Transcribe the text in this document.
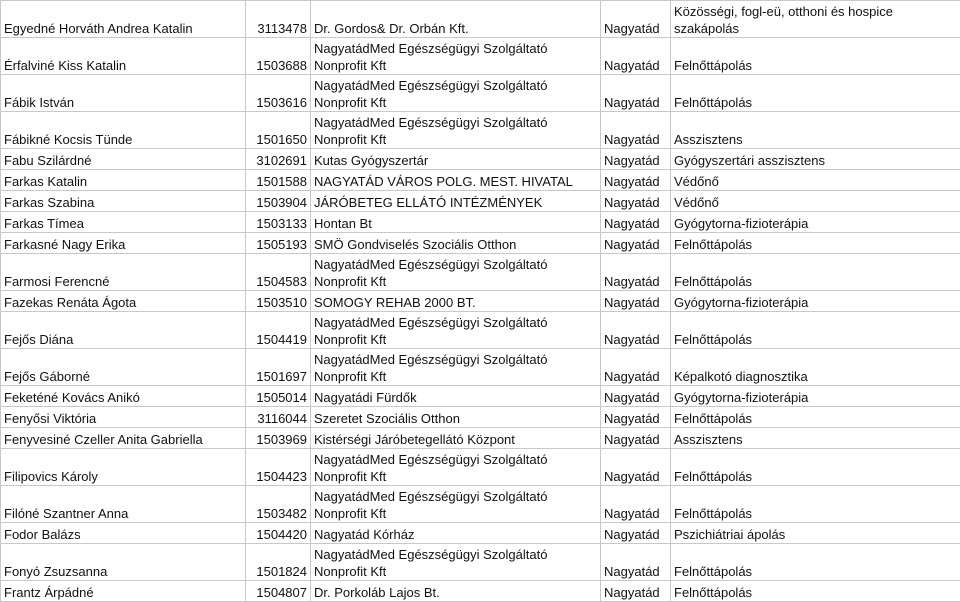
Egyedné Horváth Andrea Katalin	3113478	Dr. Gordos& Dr. Orbán Kft.	Nagyatád	Közösségi, fogl-eü, otthoni és hospice szakápolás
Érfalviné Kiss Katalin	1503688	NagyatádMed Egészségügyi Szolgáltató Nonprofit Kft	Nagyatád	Felnőttápolás
Fábik István	1503616	NagyatádMed Egészségügyi Szolgáltató Nonprofit Kft	Nagyatád	Felnőttápolás
Fábikné Kocsis Tünde	1501650	NagyatádMed Egészségügyi Szolgáltató Nonprofit Kft	Nagyatád	Asszisztens
Fabu Szilárdné	3102691	Kutas Gyógyszertár	Nagyatád	Gyógyszertári asszisztens
Farkas Katalin	1501588	NAGYATÁD VÁROS POLG. MEST. HIVATAL	Nagyatád	Védőnő
Farkas Szabina	1503904	JÁRÓBETEG ELLÁTÓ INTÉZMÉNYEK	Nagyatád	Védőnő
Farkas Tímea	1503133	Hontan Bt	Nagyatád	Gyógytorna-fizioterápia
Farkasné Nagy Erika	1505193	SMÖ Gondviselés Szociális Otthon	Nagyatád	Felnőttápolás
Farmosi Ferencné	1504583	NagyatádMed Egészségügyi Szolgáltató Nonprofit Kft	Nagyatád	Felnőttápolás
Fazekas Renáta Ágota	1503510	SOMOGY REHAB 2000 BT.	Nagyatád	Gyógytorna-fizioterápia
Fejős Diána	1504419	NagyatádMed Egészségügyi Szolgáltató Nonprofit Kft	Nagyatád	Felnőttápolás
Fejős Gáborné	1501697	NagyatádMed Egészségügyi Szolgáltató Nonprofit Kft	Nagyatád	Képalkotó diagnosztika
Feketéné Kovács Anikó	1505014	Nagyatádi Fürdők	Nagyatád	Gyógytorna-fizioterápia
Fenyősi Viktória	3116044	Szeretet Szociális Otthon	Nagyatád	Felnőttápolás
Fenyvesiné Czeller Anita Gabriella	1503969	Kistérségi Járóbetegellátó Központ	Nagyatád	Asszisztens
Filipovics Károly	1504423	NagyatádMed Egészségügyi Szolgáltató Nonprofit Kft	Nagyatád	Felnőttápolás
Filóné Szantner Anna	1503482	NagyatádMed Egészségügyi Szolgáltató Nonprofit Kft	Nagyatád	Felnőttápolás
Fodor Balázs	1504420	Nagyatád Kórház	Nagyatád	Pszichiátriai ápolás
Fonyó Zsuzsanna	1501824	NagyatádMed Egészségügyi Szolgáltató Nonprofit Kft	Nagyatád	Felnőttápolás
Frantz Árpádné	1504807	Dr. Porkoláb Lajos Bt.	Nagyatád	Felnőttápolás
